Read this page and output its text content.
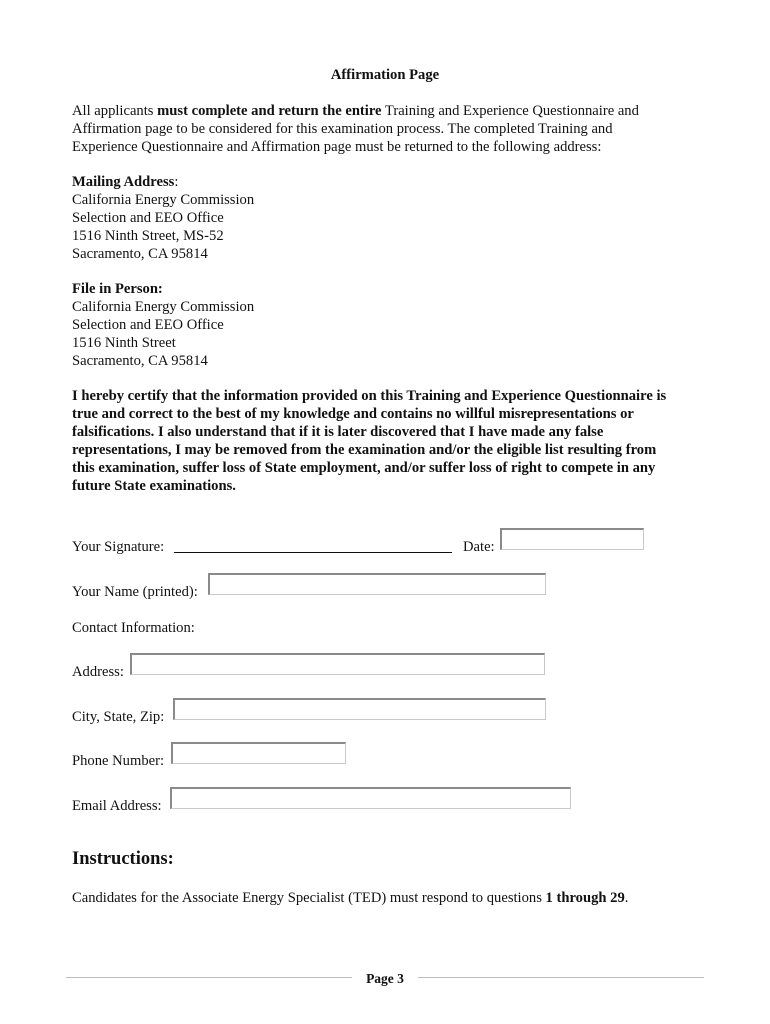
Affirmation Page
All applicants must complete and return the entire Training and Experience Questionnaire and
Affirmation page to be considered for this examination process. The completed Training and
Experience Questionnaire and Affirmation page must be returned to the following address:
Mailing Address:
California Energy Commission
Selection and EEO Office
1516 Ninth Street, MS-52
Sacramento, CA 95814
File in Person:
California Energy Commission
Selection and EEO Office
1516 Ninth Street
Sacramento, CA 95814
I hereby certify that the information provided on this Training and Experience Questionnaire is
true and correct to the best of my knowledge and contains no willful misrepresentations or
falsifications. I also understand that if it is later discovered that I have made any false
representations, I may be removed from the examination and/or the eligible list resulting from
this examination, suffer loss of State employment, and/or suffer loss of right to compete in any
future State examinations.
Your Signature:	Date:
Your Name (printed):
Contact Information:
Address:
City, State, Zip:
Phone Number:
Email Address:
Instructions:
Candidates for the Associate Energy Specialist (TED) must respond to questions 1 through 29.
Page 3
